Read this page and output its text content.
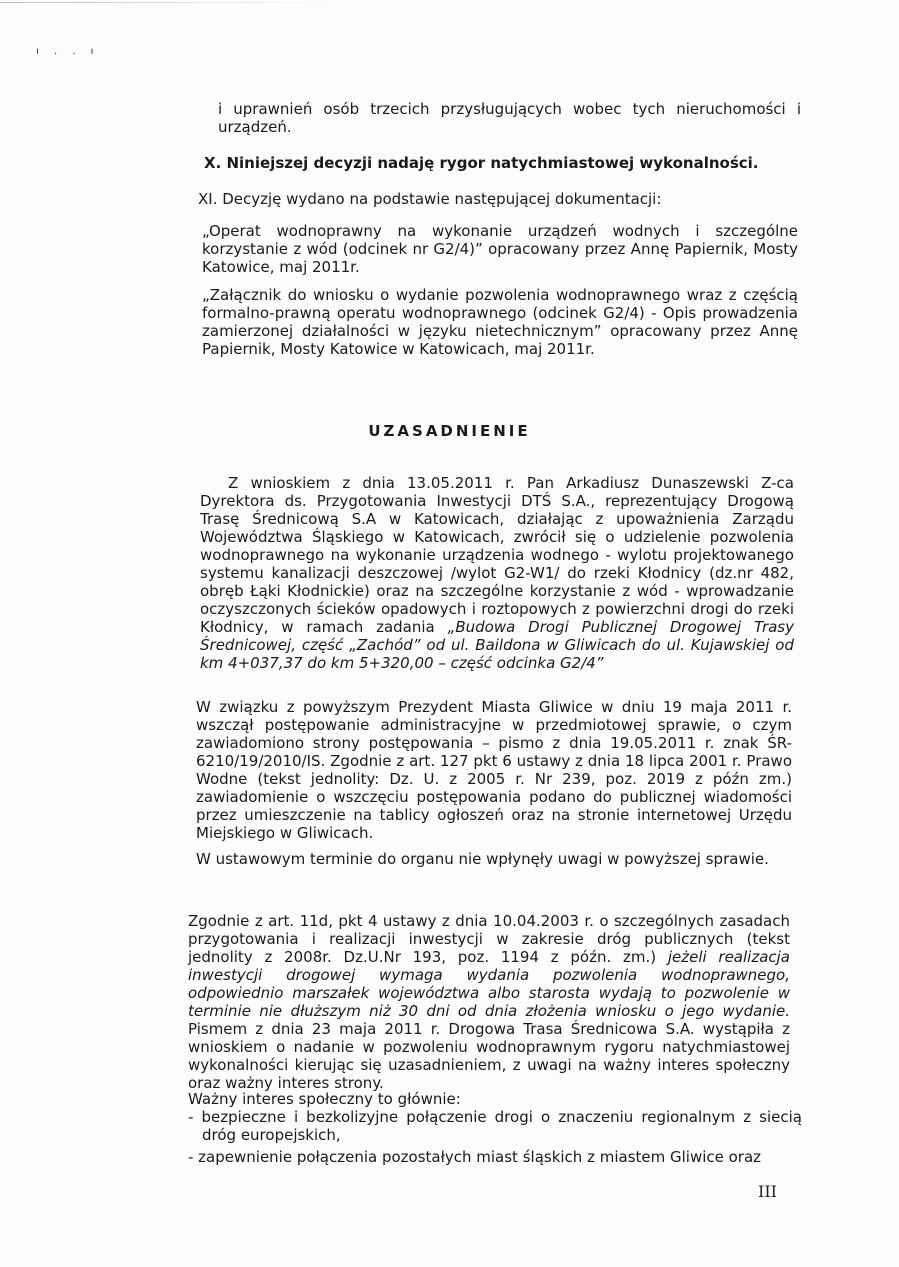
ı . . ı

i uprawnień osób trzecich przysługujących wobec tych nieruchomości i urządzeń.

X. Niniejszej decyzji nadaję rygor natychmiastowej wykonalności.

XI. Decyzję wydano na podstawie następującej dokumentacji:

„Operat wodnoprawny na wykonanie urządzeń wodnych i szczególne korzystanie z wód (odcinek nr G2/4)” opracowany przez Annę Papiernik, Mosty Katowice, maj 2011r.

„Załącznik do wniosku o wydanie pozwolenia wodnoprawnego wraz z częścią formalno-prawną operatu wodnoprawnego (odcinek G2/4) - Opis prowadzenia zamierzonej działalności w języku nietechnicznym” opracowany przez Annę Papiernik, Mosty Katowice w Katowicach, maj 2011r.

UZASADNIENIE

Z wnioskiem z dnia 13.05.2011 r. Pan Arkadiusz Dunaszewski Z-ca Dyrektora ds. Przygotowania Inwestycji DTŚ S.A., reprezentujący Drogową Trasę Średnicową S.A w Katowicach, działając z upoważnienia Zarządu Województwa Śląskiego w Katowicach, zwrócił się o udzielenie pozwolenia wodnoprawnego na wykonanie urządzenia wodnego - wylotu projektowanego systemu kanalizacji deszczowej /wylot G2-W1/ do rzeki Kłodnicy (dz.nr 482, obręb Łąki Kłodnickie) oraz na szczególne korzystanie z wód - wprowadzanie oczyszczonych ścieków opadowych i roztopowych z powierzchni drogi do rzeki Kłodnicy, w ramach zadania „Budowa Drogi Publicznej Drogowej Trasy Średnicowej, część „Zachód” od ul. Baildona w Gliwicach do ul. Kujawskiej od km 4+037,37 do km 5+320,00 – część odcinka G2/4”

W związku z powyższym Prezydent Miasta Gliwice w dniu 19 maja 2011 r. wszczął postępowanie administracyjne w przedmiotowej sprawie, o czym zawiadomiono strony postępowania – pismo z dnia 19.05.2011 r. znak ŚR-6210/19/2010/IS. Zgodnie z art. 127 pkt 6 ustawy z dnia 18 lipca 2001 r. Prawo Wodne (tekst jednolity: Dz. U. z 2005 r. Nr 239, poz. 2019 z późn zm.) zawiadomienie o wszczęciu postępowania podano do publicznej wiadomości przez umieszczenie na tablicy ogłoszeń oraz na stronie internetowej Urzędu Miejskiego w Gliwicach.

W ustawowym terminie do organu nie wpłynęły uwagi w powyższej sprawie.

Zgodnie z art. 11d, pkt 4 ustawy z dnia 10.04.2003 r. o szczególnych zasadach przygotowania i realizacji inwestycji w zakresie dróg publicznych (tekst jednolity z 2008r. Dz.U.Nr 193, poz. 1194 z późn. zm.) jeżeli realizacja inwestycji drogowej wymaga wydania pozwolenia wodnoprawnego, odpowiednio marszałek województwa albo starosta wydają to pozwolenie w terminie nie dłuższym niż 30 dni od dnia złożenia wniosku o jego wydanie. Pismem z dnia 23 maja 2011 r. Drogowa Trasa Średnicowa S.A. wystąpiła z wnioskiem o nadanie w pozwoleniu wodnoprawnym rygoru natychmiastowej wykonalności kierując się uzasadnieniem, z uwagi na ważny interes społeczny oraz ważny interes strony.

Ważny interes społeczny to głównie:

- bezpieczne i bezkolizyjne połączenie drogi o znaczeniu regionalnym z siecią dróg europejskich,
- zapewnienie połączenia pozostałych miast śląskich z miastem Gliwice oraz
III
